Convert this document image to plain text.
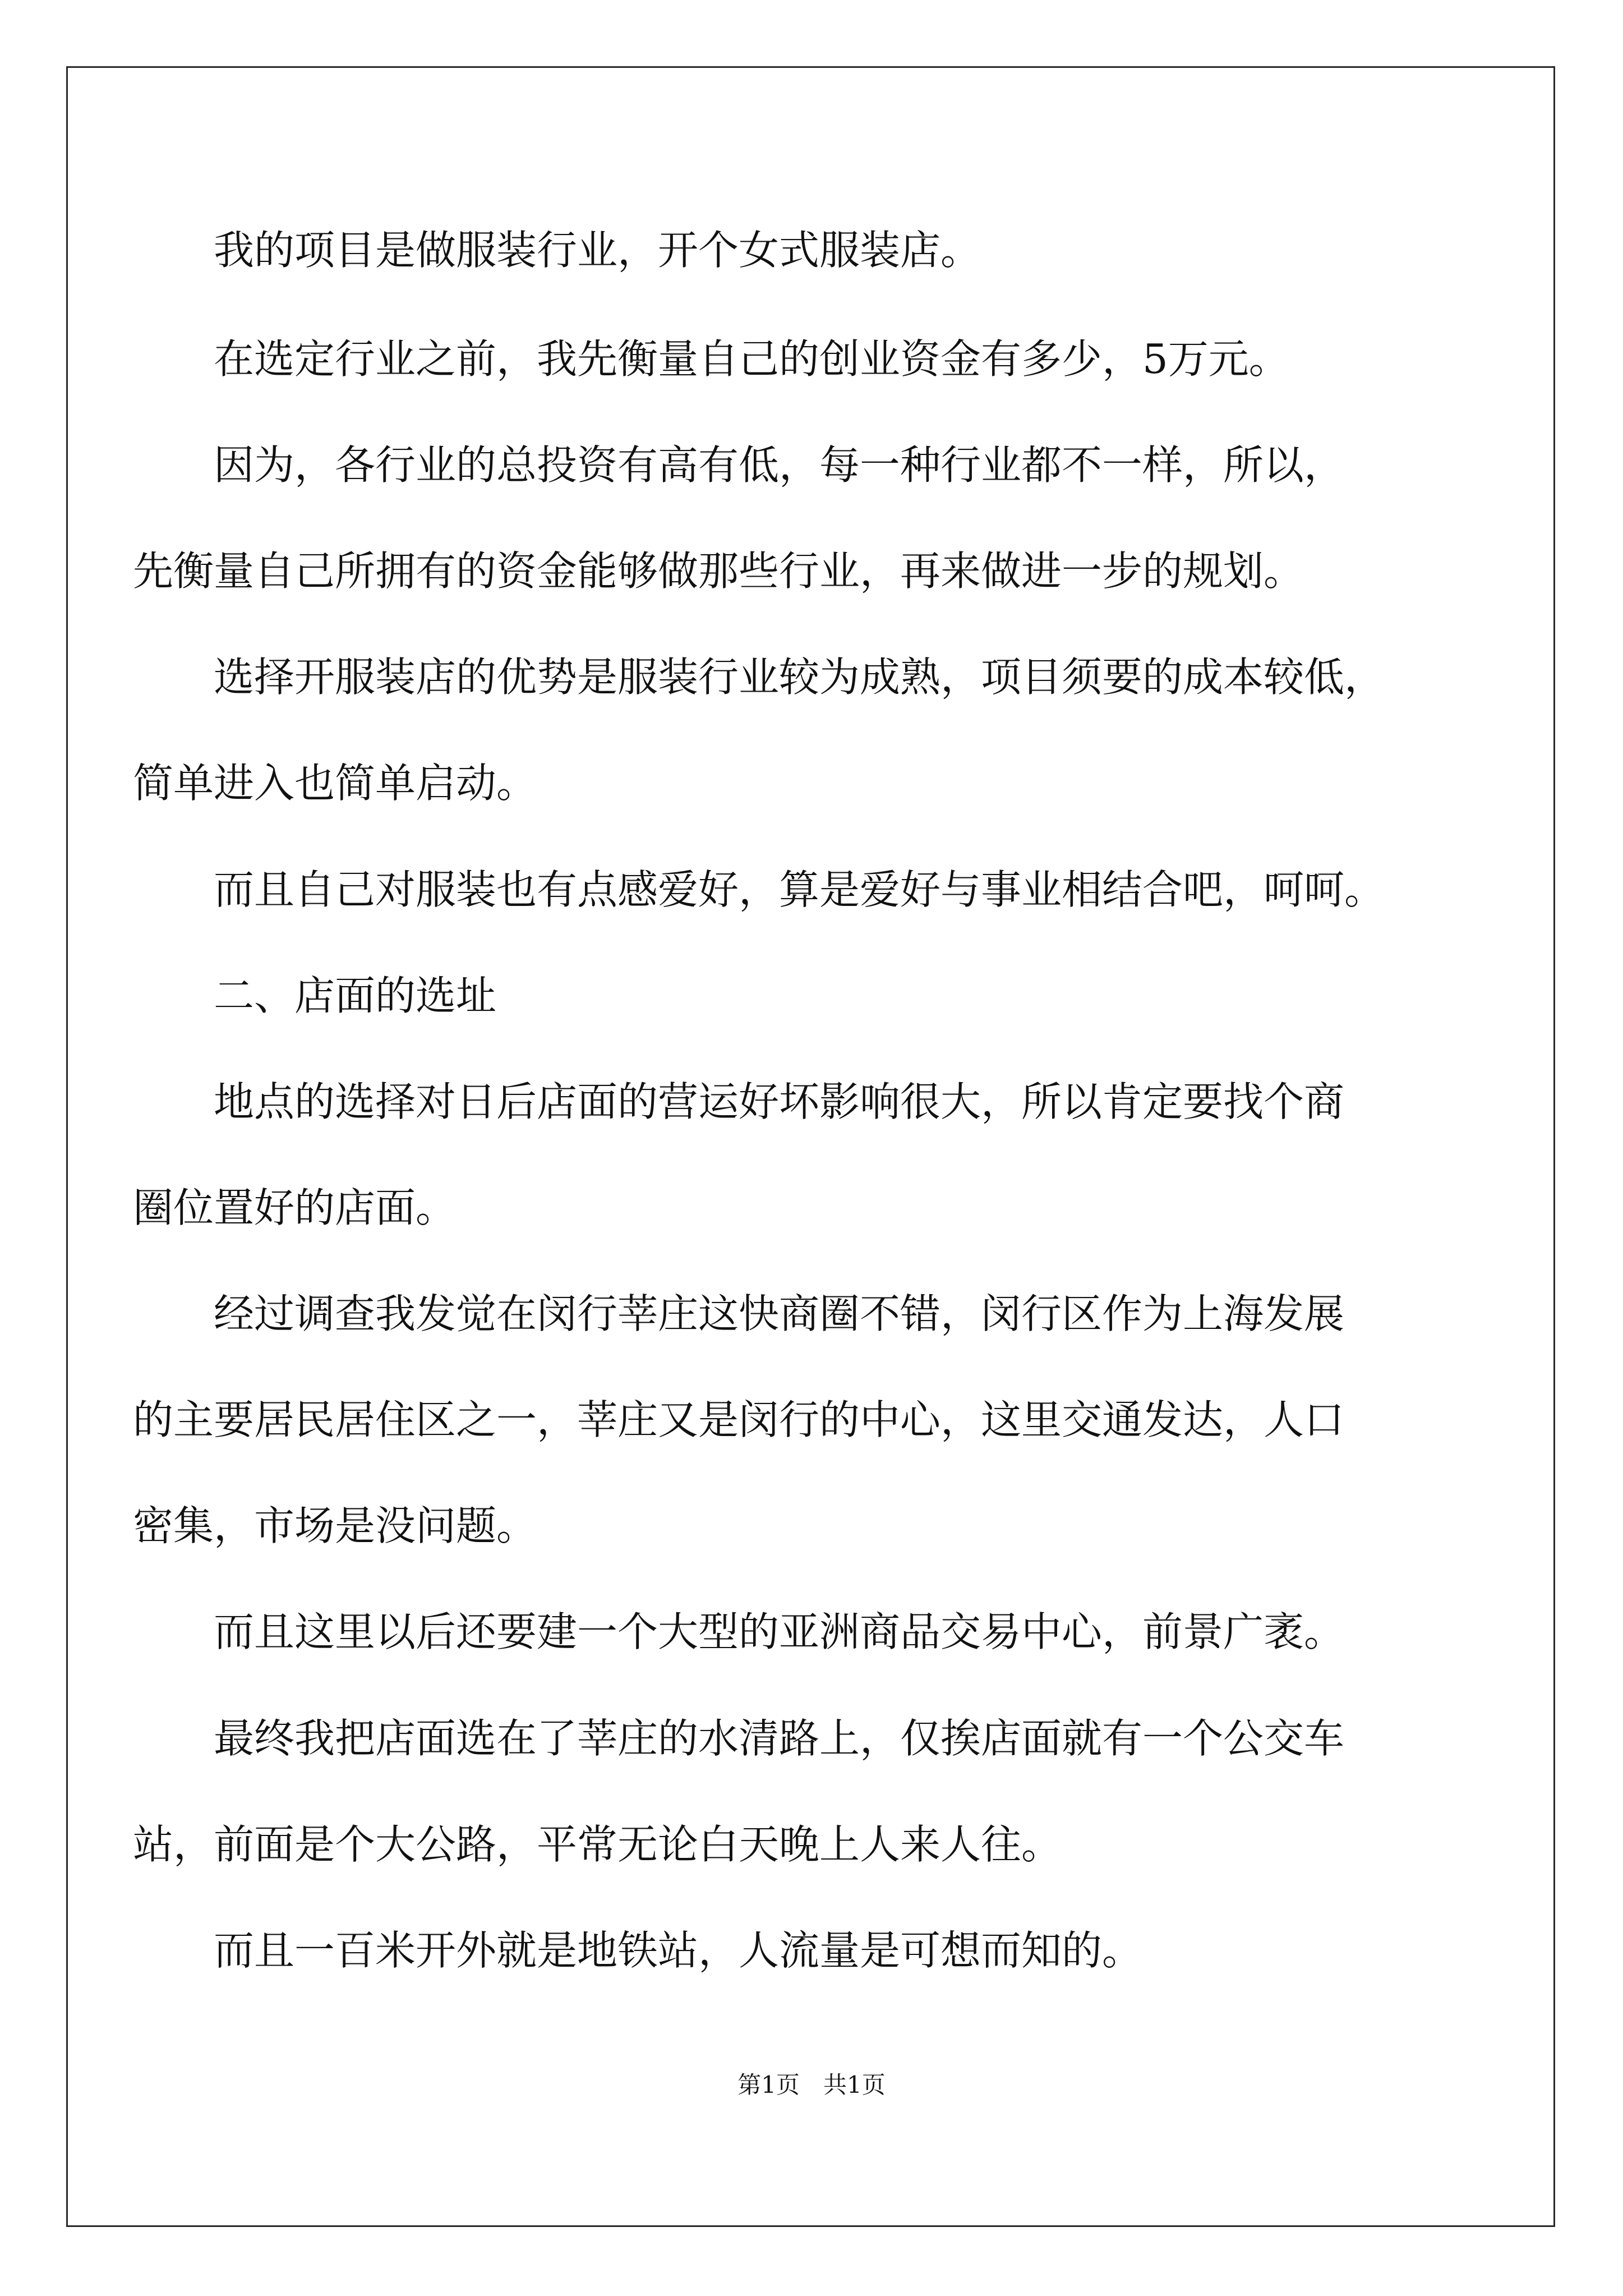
　　我的项目是做服装行业，开个女式服装店。

　　在选定行业之前，我先衡量自己的创业资金有多少，5万元。

　　因为，各行业的总投资有高有低，每一种行业都不一样，所以，

先衡量自己所拥有的资金能够做那些行业，再来做进一步的规划。

　　选择开服装店的优势是服装行业较为成熟，项目须要的成本较低，

简单进入也简单启动。

　　而且自己对服装也有点感爱好，算是爱好与事业相结合吧，呵呵。

　　二、店面的选址

　　地点的选择对日后店面的营运好坏影响很大，所以肯定要找个商

圈位置好的店面。

　　经过调查我发觉在闵行莘庄这快商圈不错，闵行区作为上海发展

的主要居民居住区之一，莘庄又是闵行的中心，这里交通发达，人口

密集，市场是没问题。

　　而且这里以后还要建一个大型的亚洲商品交易中心，前景广袤。

　　最终我把店面选在了莘庄的水清路上，仅挨店面就有一个公交车

站，前面是个大公路，平常无论白天晚上人来人往。

　　而且一百米开外就是地铁站，人流量是可想而知的。

第1页　共1页
